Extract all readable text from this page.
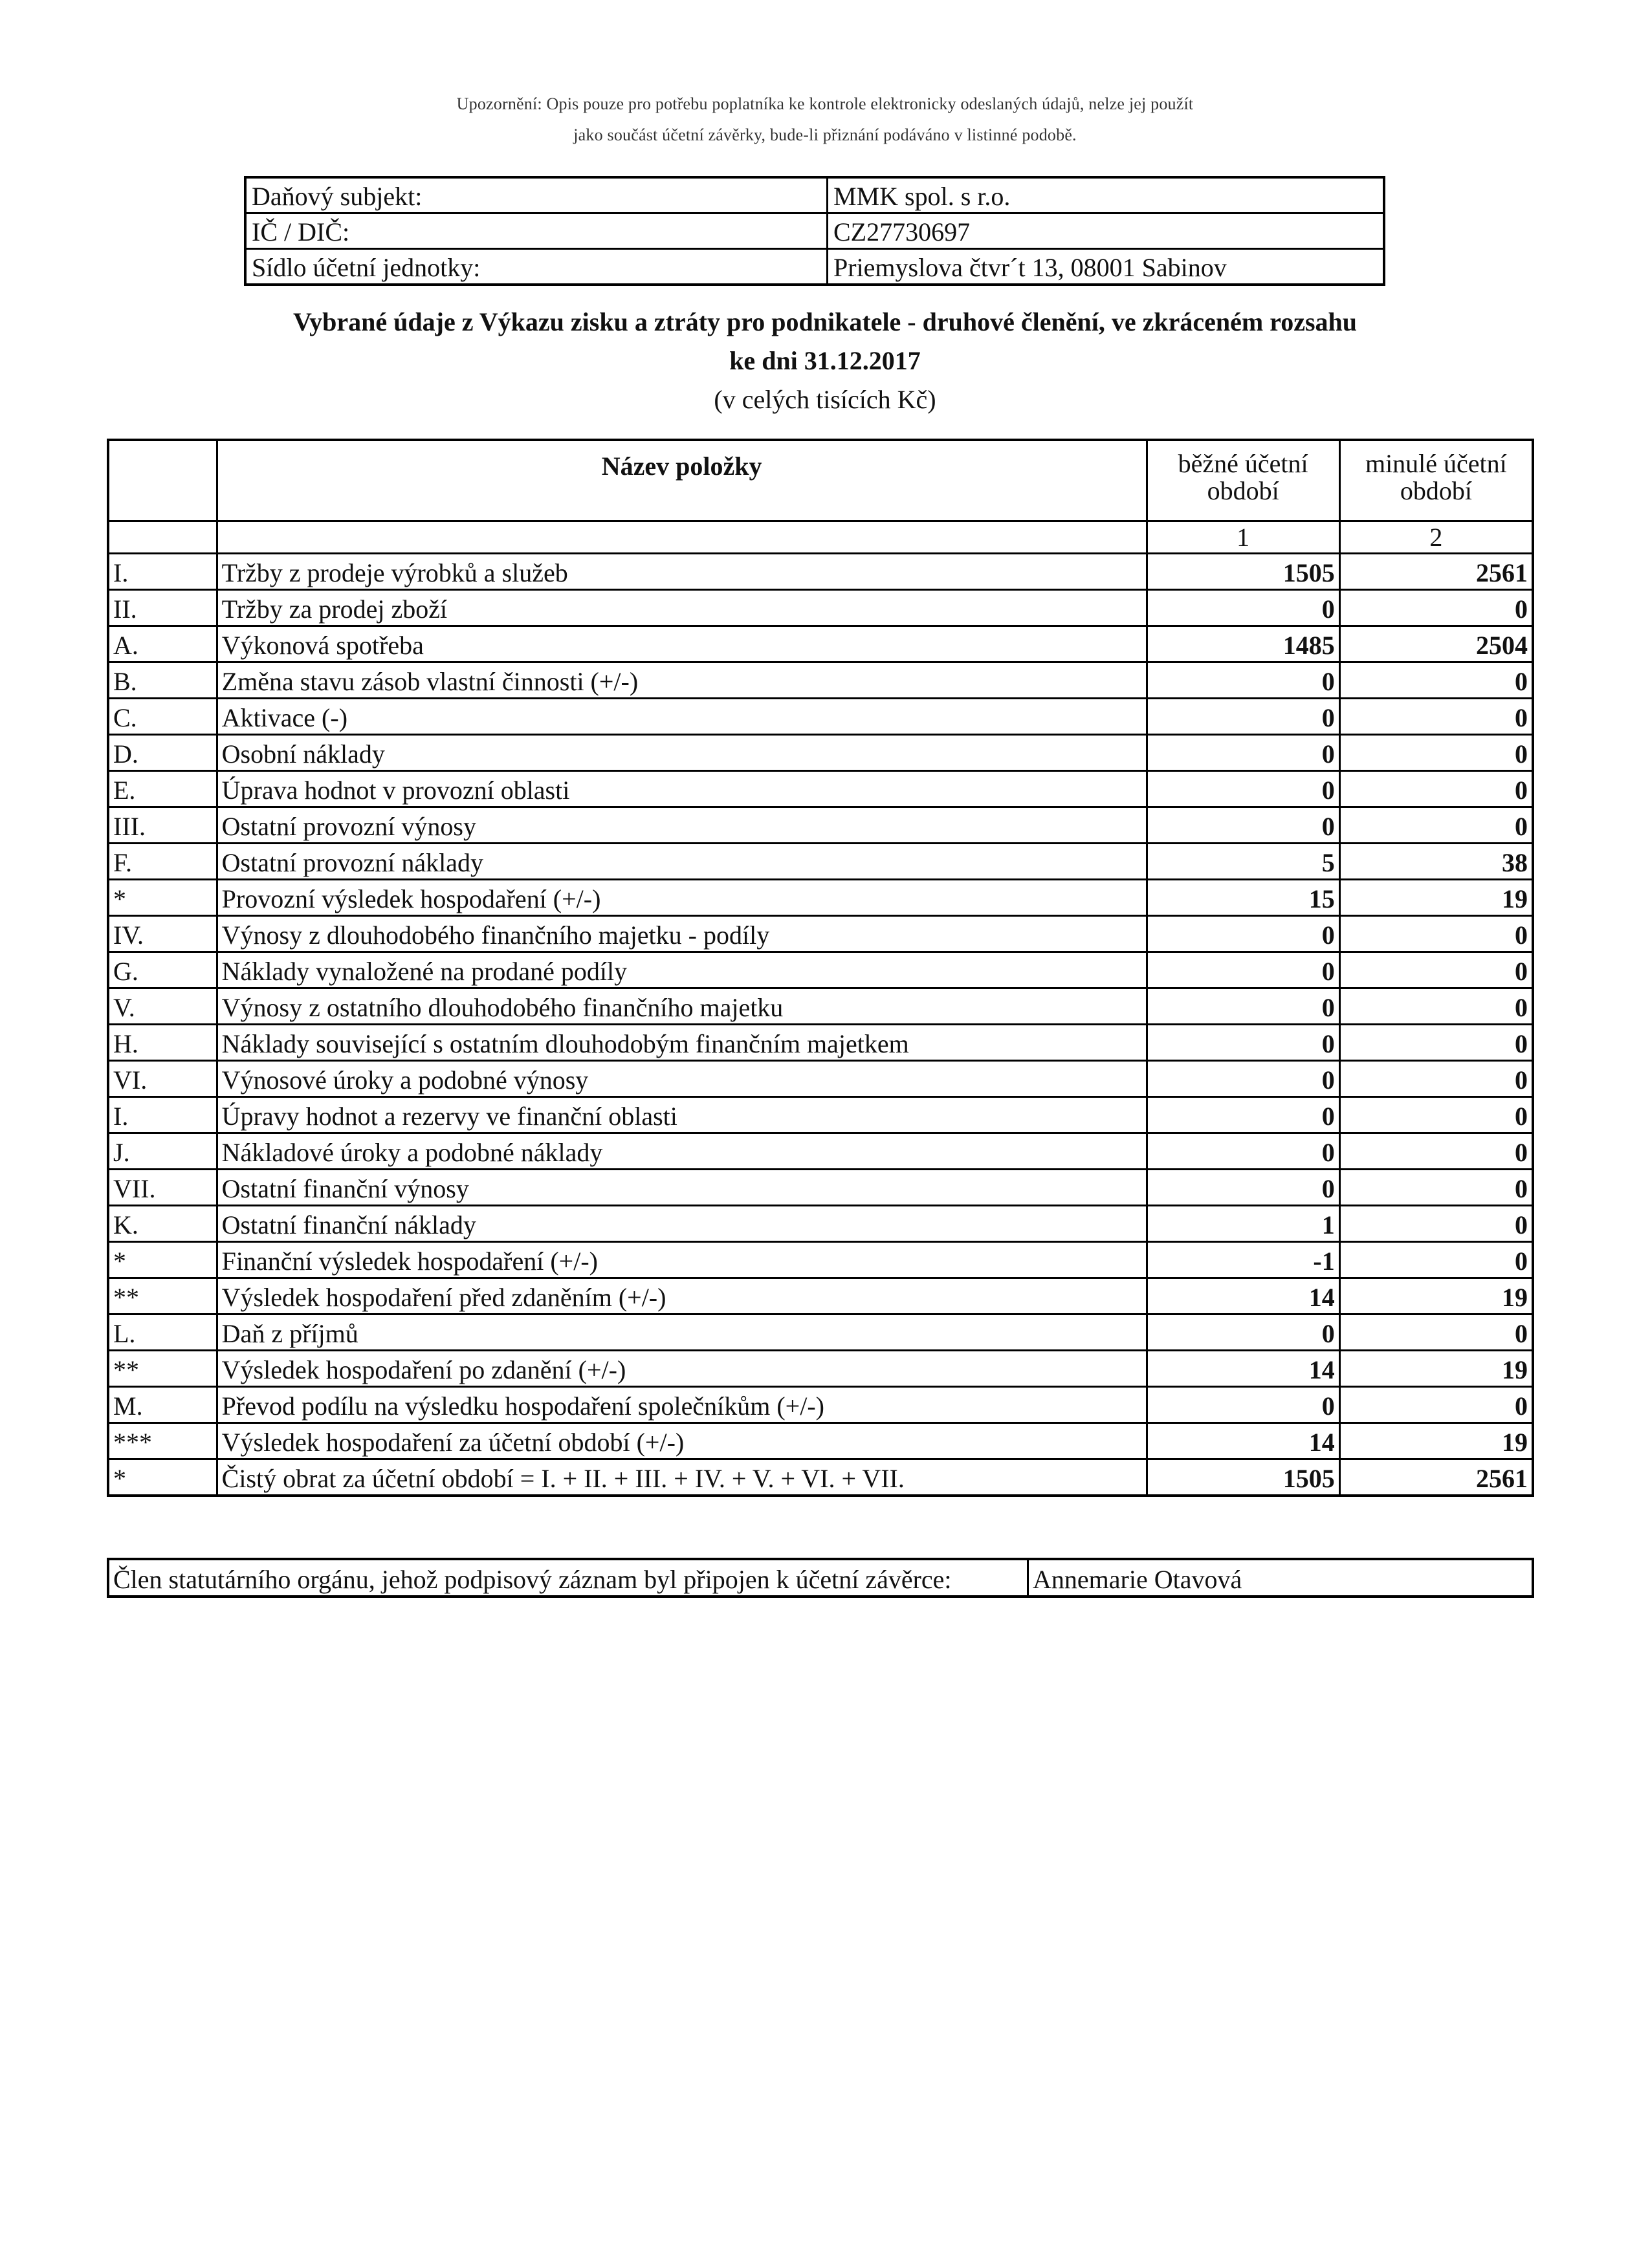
Upozornění: Opis pouze pro potřebu poplatníka ke kontrole elektronicky odeslaných údajů, nelze jej použít
jako součást účetní závěrky, bude-li přiznání podáváno v listinné podobě.
Daňový subjekt:	MMK spol. s r.o.
IČ / DIČ:	CZ27730697
Sídlo účetní jednotky:	Priemyslova čtvr´t 13, 08001 Sabinov
Vybrané údaje z Výkazu zisku a ztráty pro podnikatele - druhové členění, ve zkráceném rozsahu
ke dni 31.12.2017
(v celých tisících Kč)
	Název položky	běžné účetní období	minulé účetní období
		1	2
I.	Tržby z prodeje výrobků a služeb	1505	2561
II.	Tržby za prodej zboží	0	0
A.	Výkonová spotřeba	1485	2504
B.	Změna stavu zásob vlastní činnosti (+/-)	0	0
C.	Aktivace (-)	0	0
D.	Osobní náklady	0	0
E.	Úprava hodnot v provozní oblasti	0	0
III.	Ostatní provozní výnosy	0	0
F.	Ostatní provozní náklady	5	38
*	Provozní výsledek hospodaření (+/-)	15	19
IV.	Výnosy z dlouhodobého finančního majetku - podíly	0	0
G.	Náklady vynaložené na prodané podíly	0	0
V.	Výnosy z ostatního dlouhodobého finančního majetku	0	0
H.	Náklady související s ostatním dlouhodobým finančním majetkem	0	0
VI.	Výnosové úroky a podobné výnosy	0	0
I.	Úpravy hodnot a rezervy ve finanční oblasti	0	0
J.	Nákladové úroky a podobné náklady	0	0
VII.	Ostatní finanční výnosy	0	0
K.	Ostatní finanční náklady	1	0
*	Finanční výsledek hospodaření (+/-)	-1	0
**	Výsledek hospodaření před zdaněním (+/-)	14	19
L.	Daň z příjmů	0	0
**	Výsledek hospodaření po zdanění (+/-)	14	19
M.	Převod podílu na výsledku hospodaření společníkům (+/-)	0	0
***	Výsledek hospodaření za účetní období (+/-)	14	19
*	Čistý obrat za účetní období = I. + II. + III. + IV. + V. + VI. + VII.	1505	2561
Člen statutárního orgánu, jehož podpisový záznam byl připojen k účetní závěrce:	Annemarie Otavová
